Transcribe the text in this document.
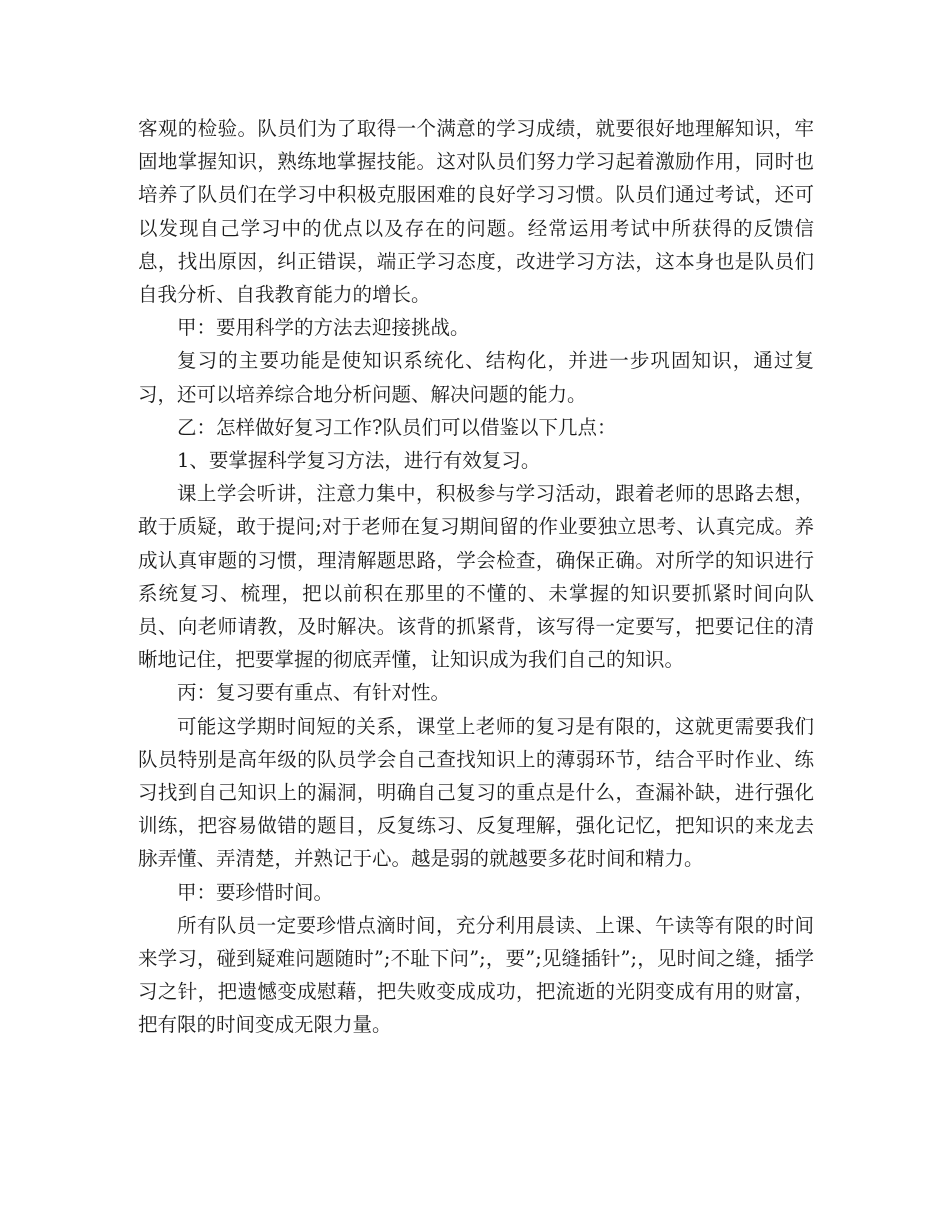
客观的检验。队员们为了取得一个满意的学习成绩，就要很好地理解知识，牢固地掌握知识，熟练地掌握技能。这对队员们努力学习起着激励作用，同时也培养了队员们在学习中积极克服困难的良好学习习惯。队员们通过考试，还可以发现自己学习中的优点以及存在的问题。经常运用考试中所获得的反馈信息，找出原因，纠正错误，端正学习态度，改进学习方法，这本身也是队员们自我分析、自我教育能力的增长。

甲：要用科学的方法去迎接挑战。

复习的主要功能是使知识系统化、结构化，并进一步巩固知识，通过复习，还可以培养综合地分析问题、解决问题的能力。

乙：怎样做好复习工作?队员们可以借鉴以下几点：

1、要掌握科学复习方法，进行有效复习。

课上学会听讲，注意力集中，积极参与学习活动，跟着老师的思路去想，敢于质疑，敢于提问;对于老师在复习期间留的作业要独立思考、认真完成。养成认真审题的习惯，理清解题思路，学会检查，确保正确。对所学的知识进行系统复习、梳理，把以前积在那里的不懂的、未掌握的知识要抓紧时间向队员、向老师请教，及时解决。该背的抓紧背，该写得一定要写，把要记住的清晰地记住，把要掌握的彻底弄懂，让知识成为我们自己的知识。

丙：复习要有重点、有针对性。

可能这学期时间短的关系，课堂上老师的复习是有限的，这就更需要我们队员特别是高年级的队员学会自己查找知识上的薄弱环节，结合平时作业、练习找到自己知识上的漏洞，明确自己复习的重点是什么，查漏补缺，进行强化训练，把容易做错的题目，反复练习、反复理解，强化记忆，把知识的来龙去脉弄懂、弄清楚，并熟记于心。越是弱的就越要多花时间和精力。

甲：要珍惜时间。

所有队员一定要珍惜点滴时间，充分利用晨读、上课、午读等有限的时间来学习，碰到疑难问题随时”;不耻下问”;，要”;见缝插针”;，见时间之缝，插学习之针，把遗憾变成慰藉，把失败变成成功，把流逝的光阴变成有用的财富，把有限的时间变成无限力量。
